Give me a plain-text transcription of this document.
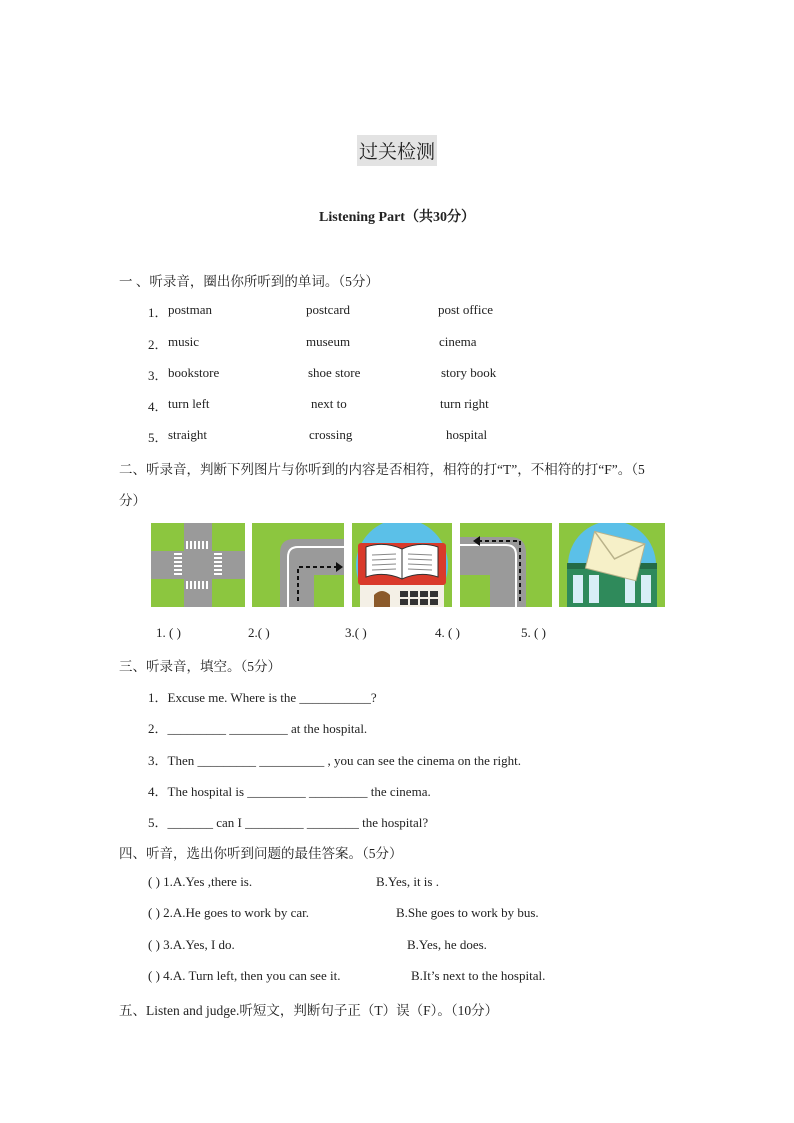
过关检测
Listening Part（共30分）
一 、听录音，圈出你所听到的单词。（5分）
1． postman	postcard	post office
2． music	museum	cinema
3． bookstore	shoe store	story book
4． turn left	next to	turn right
5． straight	crossing	hospital
二、听录音，判断下列图片与你听到的内容是否相符，相符的打“T”，不相符的打“F”。（5
分）
1. ( )	2.( )	3.( )	4. ( )	5. ( )
三、听录音，填空。（5分）
1．Excuse me. Where is the ___________?
2．_________ _________ at the hospital.
3．Then _________ __________ , you can see the cinema on the right.
4．The hospital is _________ _________ the cinema.
5．_______ can I _________ ________ the hospital?
四、听音，选出你听到问题的最佳答案。（5分）
( ) 1.A.Yes ,there is.	B.Yes, it is .
( ) 2.A.He goes to work by car.	B.She goes to work by bus.
( ) 3.A.Yes, I do.	B.Yes, he does.
( ) 4.A. Turn left, then you can see it.	B.It’s next to the hospital.
五、Listen and judge.听短文，判断句子正（T）误（F）。（10分）
